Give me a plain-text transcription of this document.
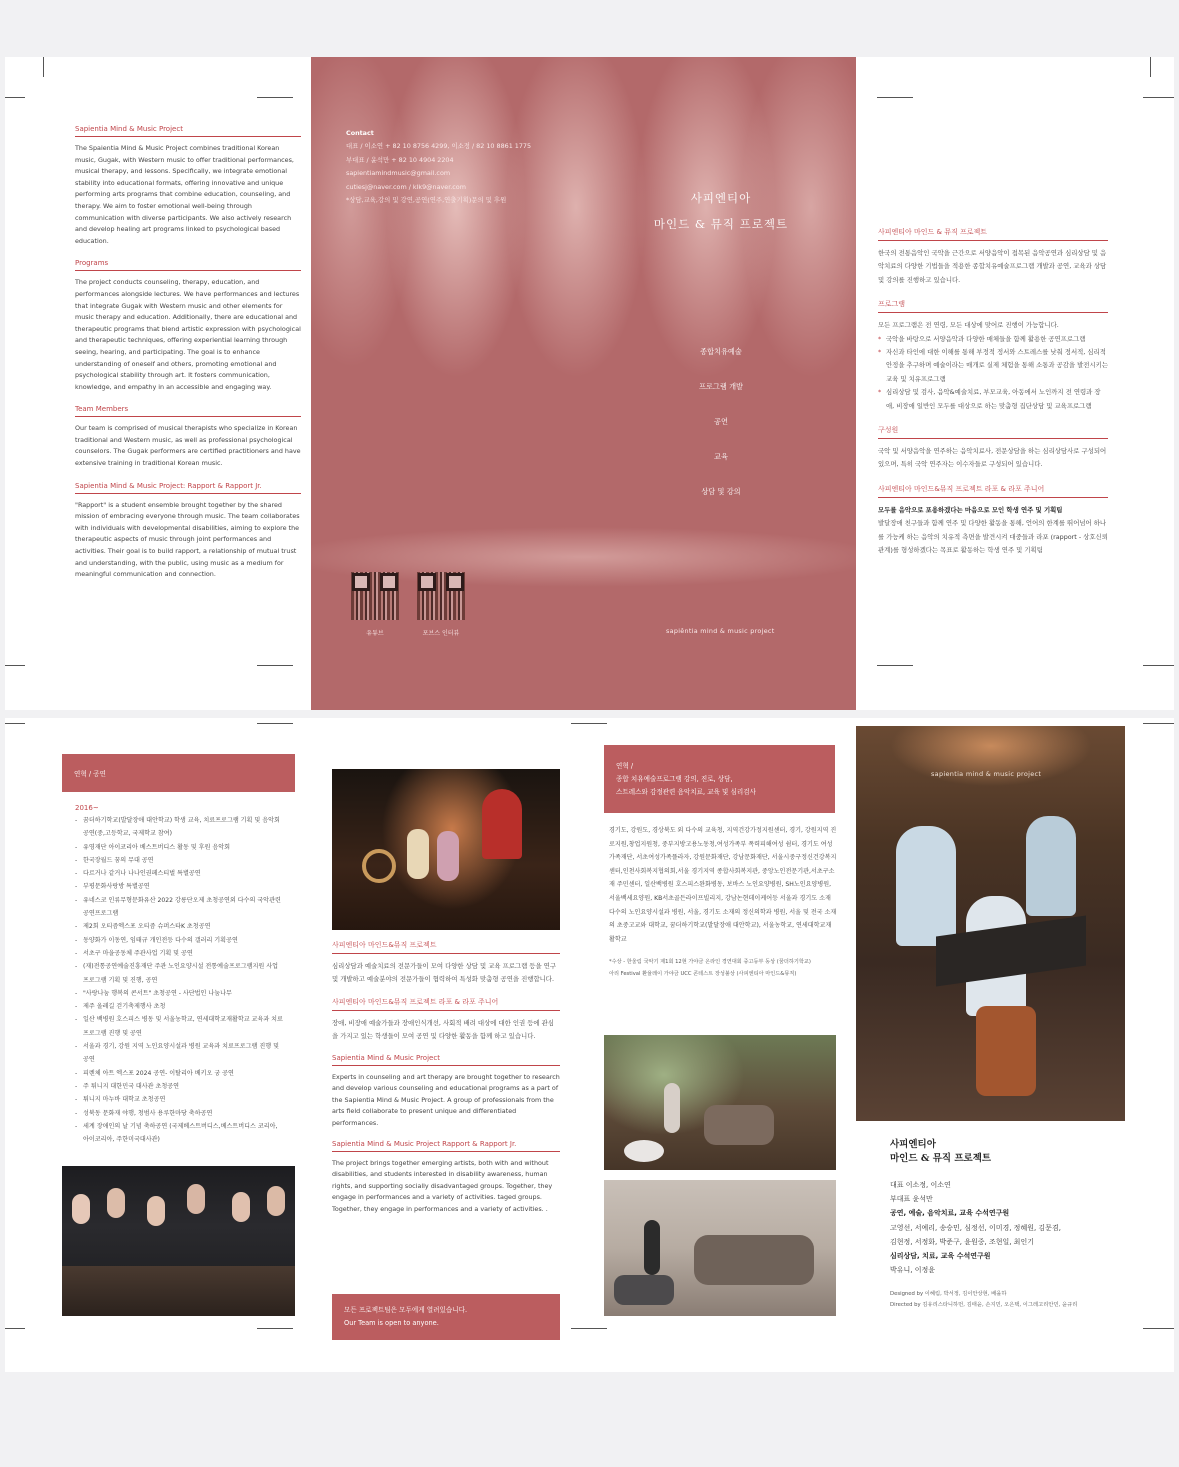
Sapientia Mind & Music Project

The Spaientia Mind & Music Project combines traditional Korean music, Gugak, with Western music to offer traditional performances, musical therapy, and lessons. Specifically, we integrate emotional stability into educational formats, offering innovative and unique performing arts programs that combine education, counseling, and therapy. We aim to foster emotional well-being through communication with diverse participants. We also actively research and develop healing art programs linked to psychological based education.

Programs

The project conducts counseling, therapy, education, and performances alongside lectures. We have performances and lectures that integrate Gugak with Western music and other elements for music therapy and education. Additionally, there are educational and therapeutic programs that blend artistic expression with psychological and therapeutic techniques, offering experiential learning through seeing, hearing, and participating. The goal is to enhance understanding of oneself and others, promoting emotional and psychological stability through art. It fosters communication, knowledge, and empathy in an accessible and engaging way.

Team Members

Our team is comprised of musical therapists who specialize in Korean traditional and Western music, as well as professional psychological counselors. The Gugak performers are certified practitioners and have extensive training in traditional Korean music.

Sapientia Mind & Music Project: Rapport & Rapport Jr.

"Rapport" is a student ensemble brought together by the shared mission of embracing everyone through music. The team collaborates with individuals with developmental disabilities, aiming to explore the therapeutic aspects of music through joint performances and activities. Their goal is to build rapport, a relationship of mutual trust and understanding, with the public, using music as a medium for meaningful communication and connection.

Contact
대표 / 이소연 + 82 10 8756 4299, 이소정 / 82 10 8861 1775
부대표 / 윤석만 + 82 10 4904 2204
sapientiamindmusic@gmail.com
cutiesj@naver.com / klk9@naver.com
*상담,교육,강의 및 강연,공연(연주,연출기획)문의 및 후원	사피엔티아
마인드 & 뮤직 프로젝트
종합치유예술
프로그램 개발
공연
교육
상담 및 강의
유튜브	포브스 인터뷰	sapiěntia mind & music project
사피엔티아 마인드 & 뮤직 프로젝트

한국의 전통음악인 국악을 근간으로 서양음악이 접목된 음악공연과 심리상담 및 음악치료의 다양한 기법들을 적용한 종합치유예술프로그램 개발과 공연, 교육과 상담 및 강의를 진행하고 있습니다.

프로그램

모든 프로그램은 전 연령, 모든 대상에 맞어로 진행이 가능합니다.

* 국악을 바탕으로 서양음악과 다양한 매체들을 함께 활용한 공연프로그램
* 자신과 타인에 대한 이해를 통해 부정적 정서와 스트레스를 낮춰 정서적, 심리적 안정을 추구하며 예술이라는 매개로 실제 체험을 통해 소통과 공감을 발전시키는 교육 및 치유프로그램
* 심리상담 및 검사, 음악&예술치료, 부모교육, 아동에서 노인까지 전 연령과 장애, 비장애 일반인 모두를 대상으로 하는 맞춤형 집단상담 및 교육프로그램
구성원

국악 및 서양음악을 연주하는 음악치료사, 전문상담을 하는 심리상담사로 구성되어 있으며, 특히 국악 연주자는 이수자들로 구성되어 있습니다.

사피엔티아 마인드&뮤직 프로젝트 라포 & 라포 주니어

모두를 음악으로 포용하겠다는 마음으로 모인 학생 연주 및 기획팀

발달장애 친구들과 함께 연주 및 다양한 활동을 통해, 언어의 한계를 뛰어넘어 하나를 가능케 하는 음악의 치유적 측면을 발견시켜 대중들과 라포 (rapport - 상호신뢰관계)를 형성하겠다는 목표로 활동하는 학생 연주 및 기획팀

연혁 / 공연
2016~
- 꿈더하기학교(발달장애 대안학교) 학생 교육, 치료프로그램 기획 및 음악회 공연(중,고등학교, 국제학교 참여)
- 유영재단 아이코리아 베스트버디스 활동 및 후원 음악회
- 한국장월드 꿈의 무대 공연
- 다르거나 같거나 나나인권페스티벌 특별공연
- 부평문화사랑방 특별공연
- 유네스코 인류무형문화유산 2022 강릉단오제 초청공연외 다수의 국악관련 공연프로그램
- 제2회 오티즘엑스포 오티즘 슈퍼스타K 초청공연
- 동양화가 이동연, 임태규 개인전등 다수의 갤러리 기획공연
- 서초구 마을공동체 주관사업 기획 및 공연
- (재)전통공연예술진흥재단 주관 노인요양시설 전통예술프로그램지원 사업 프로그램 기획 및 진행, 공연
- "사랑나눔 행복의 콘서트" 초청공연 - 사단법인 나눔나무
- 제주 올레길 걷기축제행사 초청
- 일산 백병원 호스피스 병동 및 서울농학교, 연세대학교재활학교 교육과 치료프로그램 진행 및 공연
- 서울과 경기, 강원 지역 노인요양시설과 병원 교육과 치료프로그램 진행 및 공연
- 피렌체 아트 엑스포 2024 공연- 이탈리아 베키오 궁 공연
- 주 튀니지 대한민국 대사관 초청공연
- 튀니지 마누바 대학교 초청공연
- 성북동 문화재 야행, 청범사 용루한마당 축하공연
- 세계 장애인의 날 기념 축하공연 (국제베스트버디스,베스트버디스 코리아, 아이코리아, 주한미국대사관)
사피엔티아 마인드&뮤직 프로젝트

심리상담과 예술치료의 전문가들이 모여 다양한 상담 및 교육 프로그램 등을 연구 및 개발하고 예술분야의 전문가들이 협력하여 특성화 맞춤형 공연을 진행합니다.

사피엔티아 마인드&뮤직 프로젝트 라포 & 라포 주니어

장애, 비장애 예술가들과 장애인식개선, 사회적 배려 대상에 대한 인권 등에 관심을 가지고 있는 학생들이 모여 공연 및 다양한 활동을 함께 하고 있습니다.

Sapientia Mind & Music Project

Experts in counseling and art therapy are brought together to research and develop various counseling and educational programs as a part of the Sapientia Mind & Music Project. A group of professionals from the arts field collaborate to present unique and differentiated performances.

Sapientia Mind & Music Project Rapport & Rapport Jr.

The project brings together emerging artists, both with and without disabilities, and students interested in disability awareness, human rights, and supporting socially disadvantaged groups. Together, they engage in performances and a variety of activities. taged groups. Together, they engage in performances and a variety of activities. .

모든 프로젝트팀은 모두에게 열려있습니다.
Our Team is open to anyone.
연혁 /
종합 치유예술프로그램 강의, 진로, 상담,
스트레스와 감정관련 음악치료, 교육 및 심리검사

경기도, 강원도, 경상북도 외 다수의 교육청, 지역건강가정지원센터, 경기, 강원지역 진로지원,창업지원청, 중부지방고용노동청,여성가족부 폭력피해여성 쉼터, 경기도 여성가족재단, 서초여성가족플라자, 강원문화재단, 강남문화재단, 서울시중구정신건강복지센터,인천사회복지협의회,서울 경기지역 종합사회복지관, 중앙노인전문기관,서초구소재 주민센터, 일산백병원 호스피스완화병동, 보바스 노인요양병원, SH노인요양병원, 서울백세요양원, KB서초골든라이프빌리지, 강남논현데이케어등 서울과 경기도 소재 다수의 노인요양시설과 병원, 서울, 경기도 소재의 정신의학과 병원, 서울 및 전국 소재의 초중고교와 대학교, 꿈더하기학교(발달장애 대안학교), 서울농학교, 연세대학교재활학교

*수상 - 한울림 국악기 제1회 12현 가야금 온라인 경연대회 중고등부 동상 (꿈더하기학교)

아리 Festival 환율레이 가야금 UCC 콘테스트 장성불상 (사피엔티아 마인드&뮤직)

sapientia mind & music project
사피엔티아
마인드 & 뮤직 프로젝트
대표 이소정, 이소연
부대표 윤석만
공연, 예술, 음악치료, 교육 수석연구원
고영선, 서예리, 송승민, 심정선, 이미경, 정혜원, 김문겸,
김현정, 서정화, 박준구, 윤원중, 조현일, 최인기
심리상담, 치료, 교육 수석연구원
박유니, 이정윤
Designed by 이혜림, 박서정, 김이안상현, 배을하
Directed by 김유리스타니하먼, 김태윤, 손지민, 오은택, 이그레고리안민, 윤규리
